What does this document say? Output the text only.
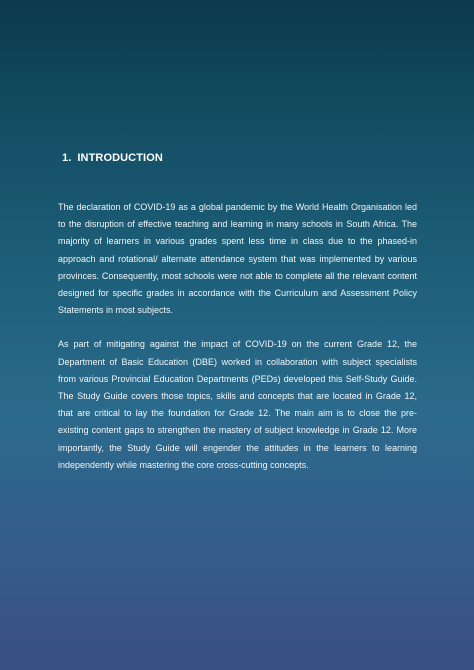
1. INTRODUCTION

The declaration of COVID-19 as a global pandemic by the World Health Organisation led to the disruption of effective teaching and learning in many schools in South Africa. The majority of learners in various grades spent less time in class due to the phased-in approach and rotational/ alternate attendance system that was implemented by various provinces. Consequently, most schools were not able to complete all the relevant content designed for specific grades in accordance with the Curriculum and Assessment Policy Statements in most subjects.

As part of mitigating against the impact of COVID-19 on the current Grade 12, the Department of Basic Education (DBE) worked in collaboration with subject specialists from various Provincial Education Departments (PEDs) developed this Self-Study Guide. The Study Guide covers those topics, skills and concepts that are located in Grade 12, that are critical to lay the foundation for Grade 12. The main aim is to close the pre-existing content gaps to strengthen the mastery of subject knowledge in Grade 12. More importantly, the Study Guide will engender the attitudes in the learners to learning independently while mastering the core cross-cutting concepts.
